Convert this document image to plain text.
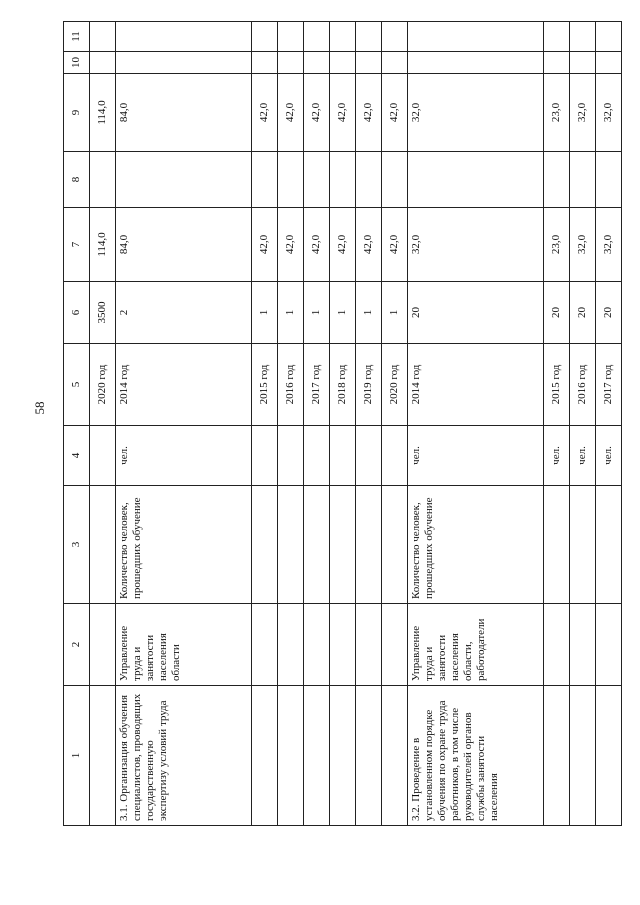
58
1	2	3	4	5	6	7	8	9	10	11
				2020 год	3500	114,0		114,0		
3.1. Организация обучения специалистов, проводящих государственную экспертизу условий труда	Управление труда и занятости населения области	Количество человек, прошедших обучение	чел.	2014 год	2	84,0		84,0		
				2015 год	1	42,0		42,0		
				2016 год	1	42,0		42,0		
				2017 год	1	42,0		42,0		
				2018 год	1	42,0		42,0		
				2019 год	1	42,0		42,0		
				2020 год	1	42,0		42,0		
3.2. Проведение в установленном порядке обучения по охране труда работников, в том числе руководителей органов службы занятости населения	Управление труда и занятости населения области, работодатели	Количество человек, прошедших обучение	чел.	2014 год	20	32,0		32,0		
			чел.	2015 год	20	23,0		23,0		
			чел.	2016 год	20	32,0		32,0		
			чел.	2017 год	20	32,0		32,0		
